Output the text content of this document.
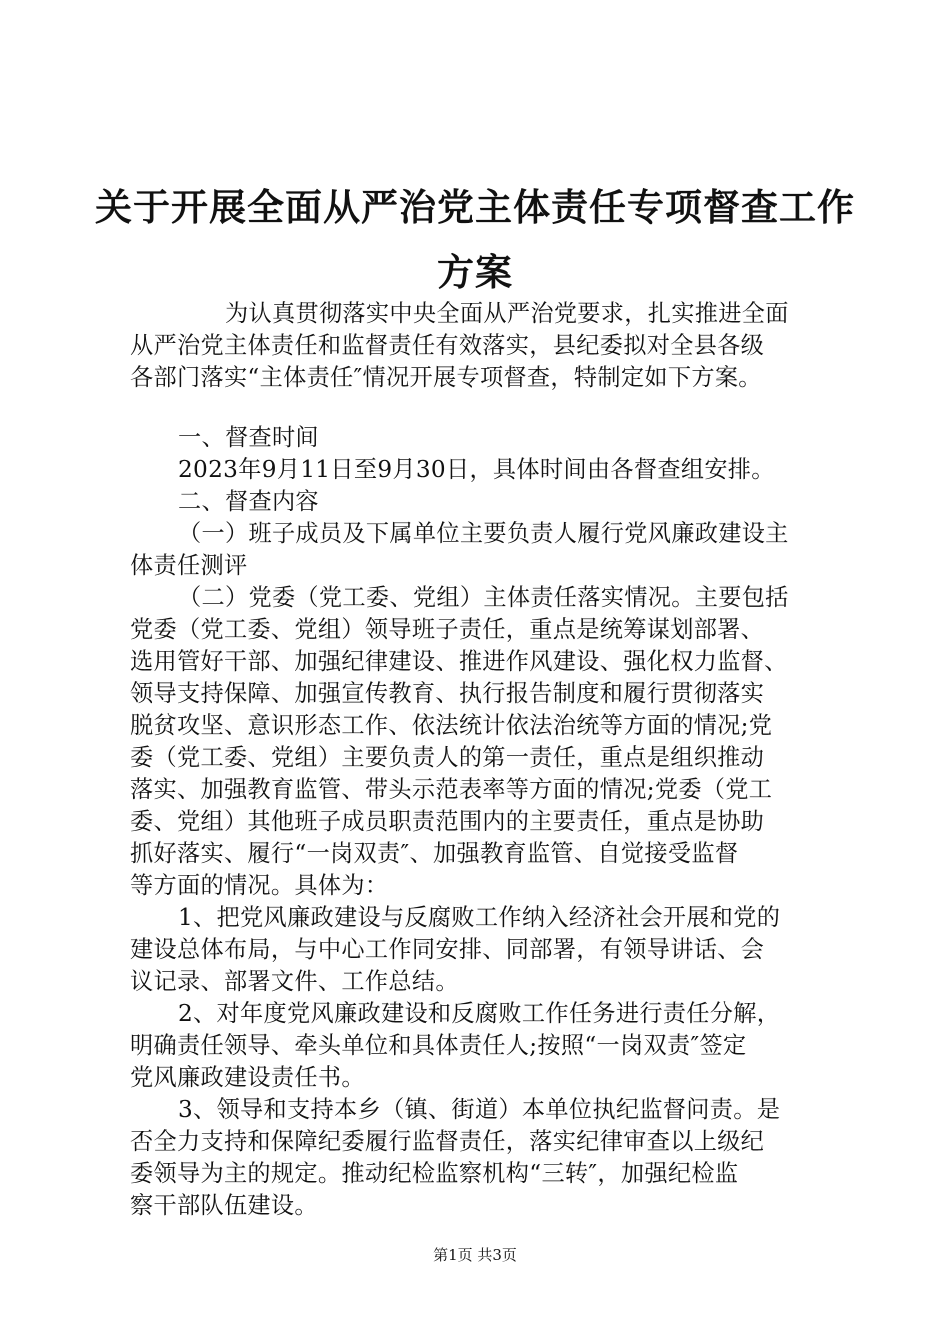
关于开展全面从严治党主体责任专项督查工作
方案
为认真贯彻落实中央全面从严治党要求，扎实推进全面
从严治党主体责任和监督责任有效落实，县纪委拟对全县各级
各部门落实“主体责任″情况开展专项督查，特制定如下方案。
一、督查时间
2023年9月11日至9月30日，具体时间由各督查组安排。
二、督查内容
（一）班子成员及下属单位主要负责人履行党风廉政建设主
体责任测评
（二）党委（党工委、党组）主体责任落实情况。主要包括
党委（党工委、党组）领导班子责任，重点是统筹谋划部署、
选用管好干部、加强纪律建设、推进作风建设、强化权力监督、
领导支持保障、加强宣传教育、执行报告制度和履行贯彻落实
脱贫攻坚、意识形态工作、依法统计依法治统等方面的情况;党
委（党工委、党组）主要负责人的第一责任，重点是组织推动
落实、加强教育监管、带头示范表率等方面的情况;党委（党工
委、党组）其他班子成员职责范围内的主要责任，重点是协助
抓好落实、履行“一岗双责″、加强教育监管、自觉接受监督
等方面的情况。具体为：
1、把党风廉政建设与反腐败工作纳入经济社会开展和党的
建设总体布局，与中心工作同安排、同部署，有领导讲话、会
议记录、部署文件、工作总结。
2、对年度党风廉政建设和反腐败工作任务进行责任分解，
明确责任领导、牵头单位和具体责任人;按照“一岗双责″签定
党风廉政建设责任书。
3、领导和支持本乡（镇、街道）本单位执纪监督问责。是
否全力支持和保障纪委履行监督责任，落实纪律审查以上级纪
委领导为主的规定。推动纪检监察机构“三转″，加强纪检监
察干部队伍建设。
第1页 共3页
